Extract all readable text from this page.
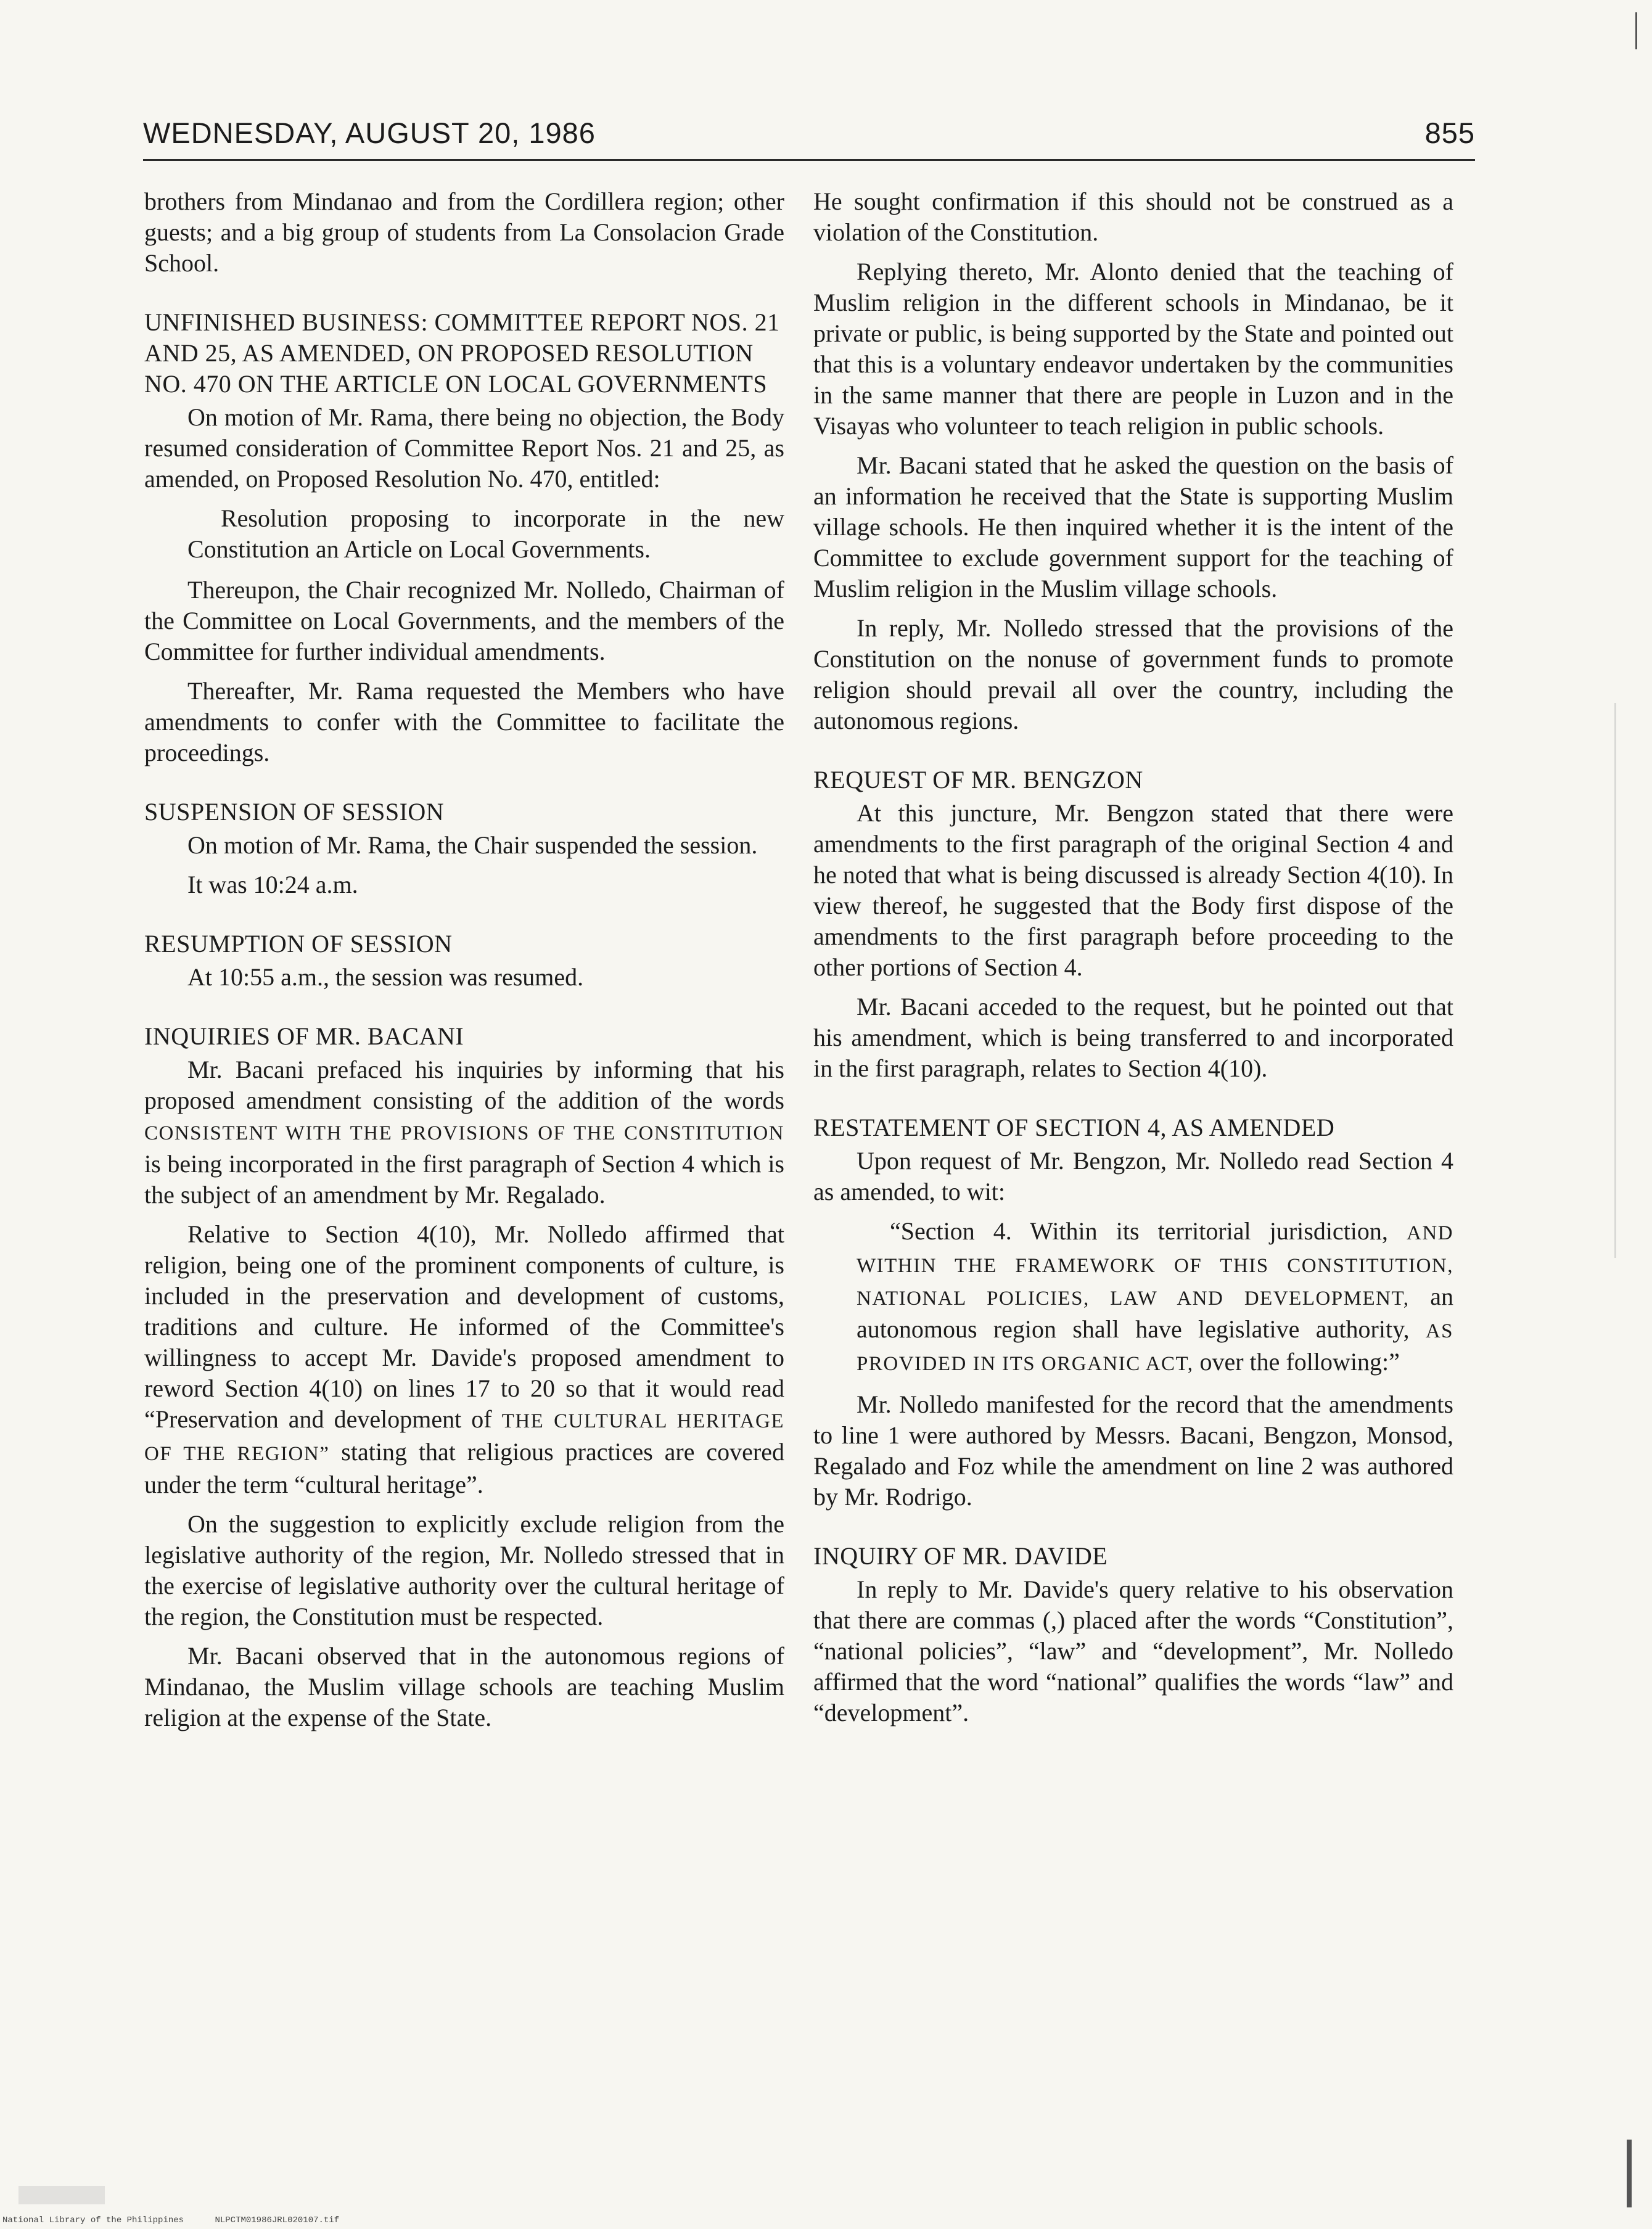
WEDNESDAY, AUGUST 20, 1986	855

brothers from Mindanao and from the Cordillera region; other guests; and a big group of students from La Consolacion Grade School.

UNFINISHED BUSINESS: COMMITTEE REPORT NOS. 21 AND 25, AS AMENDED, ON PROPOSED RESOLUTION NO. 470 ON THE ARTICLE ON LOCAL GOVERNMENTS

On motion of Mr. Rama, there being no objection, the Body resumed consideration of Committee Report Nos. 21 and 25, as amended, on Proposed Resolution No. 470, entitled:

Resolution proposing to incorporate in the new Constitution an Article on Local Governments.

Thereupon, the Chair recognized Mr. Nolledo, Chairman of the Committee on Local Governments, and the members of the Committee for further individual amendments.

Thereafter, Mr. Rama requested the Members who have amendments to confer with the Committee to facilitate the proceedings.

SUSPENSION OF SESSION

On motion of Mr. Rama, the Chair suspended the session.

It was 10:24 a.m.

RESUMPTION OF SESSION

At 10:55 a.m., the session was resumed.

INQUIRIES OF MR. BACANI

Mr. Bacani prefaced his inquiries by informing that his proposed amendment consisting of the addition of the words CONSISTENT WITH THE PROVISIONS OF THE CONSTITUTION is being incorporated in the first paragraph of Section 4 which is the subject of an amendment by Mr. Regalado.

Relative to Section 4(10), Mr. Nolledo affirmed that religion, being one of the prominent components of culture, is included in the preservation and development of customs, traditions and culture. He informed of the Committee's willingness to accept Mr. Davide's proposed amendment to reword Section 4(10) on lines 17 to 20 so that it would read “Preservation and development of THE CULTURAL HERITAGE OF THE REGION” stating that religious practices are covered under the term “cultural heritage”.

On the suggestion to explicitly exclude religion from the legislative authority of the region, Mr. Nolledo stressed that in the exercise of legislative authority over the cultural heritage of the region, the Constitution must be respected.

Mr. Bacani observed that in the autonomous regions of Mindanao, the Muslim village schools are teaching Muslim religion at the expense of the State.

He sought confirmation if this should not be construed as a violation of the Constitution.

Replying thereto, Mr. Alonto denied that the teaching of Muslim religion in the different schools in Mindanao, be it private or public, is being supported by the State and pointed out that this is a voluntary endeavor undertaken by the communities in the same manner that there are people in Luzon and in the Visayas who volunteer to teach religion in public schools.

Mr. Bacani stated that he asked the question on the basis of an information he received that the State is supporting Muslim village schools. He then inquired whether it is the intent of the Committee to exclude government support for the teaching of Muslim religion in the Muslim village schools.

In reply, Mr. Nolledo stressed that the provisions of the Constitution on the nonuse of government funds to promote religion should prevail all over the country, including the autonomous regions.

REQUEST OF MR. BENGZON

At this juncture, Mr. Bengzon stated that there were amendments to the first paragraph of the original Section 4 and he noted that what is being discussed is already Section 4(10). In view thereof, he suggested that the Body first dispose of the amendments to the first paragraph before proceeding to the other portions of Section 4.

Mr. Bacani acceded to the request, but he pointed out that his amendment, which is being transferred to and incorporated in the first paragraph, relates to Section 4(10).

RESTATEMENT OF SECTION 4, AS AMENDED

Upon request of Mr. Bengzon, Mr. Nolledo read Section 4 as amended, to wit:

“Section 4. Within its territorial jurisdiction, AND WITHIN THE FRAMEWORK OF THIS CONSTITUTION, NATIONAL POLICIES, LAW AND DEVELOPMENT, an autonomous region shall have legislative authority, AS PROVIDED IN ITS ORGANIC ACT, over the following:”

Mr. Nolledo manifested for the record that the amendments to line 1 were authored by Messrs. Bacani, Bengzon, Monsod, Regalado and Foz while the amendment on line 2 was authored by Mr. Rodrigo.

INQUIRY OF MR. DAVIDE

In reply to Mr. Davide's query relative to his observation that there are commas (,) placed after the words “Constitution”, “national policies”, “law” and “development”, Mr. Nolledo affirmed that the word “national” qualifies the words “law” and “development”.

National Library of the Philippines	NLPCTM01986JRL020107.tif
